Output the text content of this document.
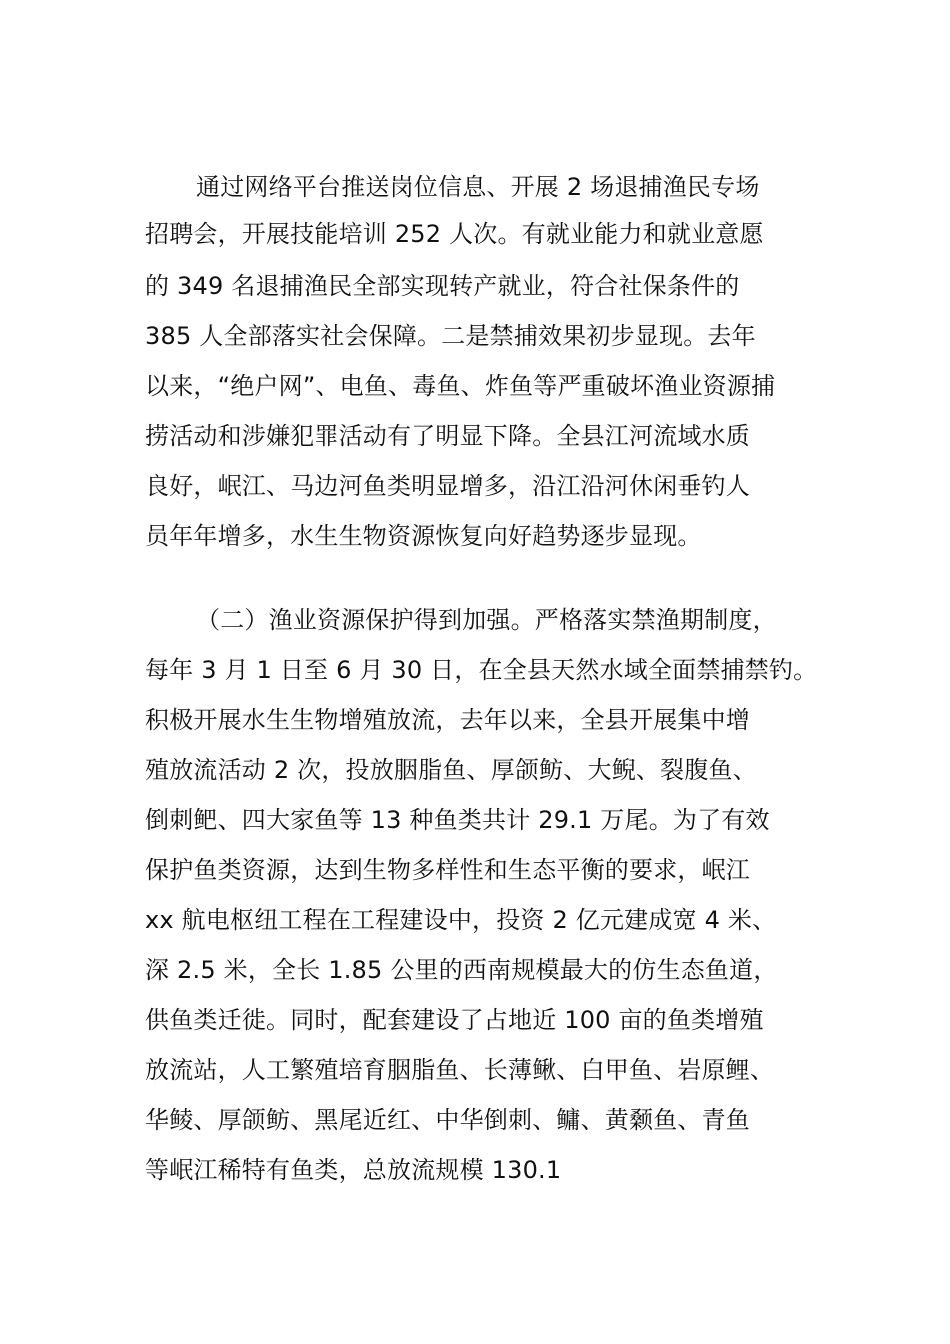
通过网络平台推送岗位信息、开展 2 场退捕渔民专场
招聘会，开展技能培训 252 人次。有就业能力和就业意愿
的 349 名退捕渔民全部实现转产就业，符合社保条件的
385 人全部落实社会保障。二是禁捕效果初步显现。去年
以来，“绝户网”、电鱼、毒鱼、炸鱼等严重破坏渔业资源捕
捞活动和涉嫌犯罪活动有了明显下降。全县江河流域水质
良好，岷江、马边河鱼类明显增多，沿江沿河休闲垂钓人
员年年增多，水生生物资源恢复向好趋势逐步显现。
（二）渔业资源保护得到加强。严格落实禁渔期制度，
每年 3 月 1 日至 6 月 30 日，在全县天然水域全面禁捕禁钓。
积极开展水生生物增殖放流，去年以来，全县开展集中增
殖放流活动 2 次，投放胭脂鱼、厚颌鲂、大鲵、裂腹鱼、
倒刺鲃、四大家鱼等 13 种鱼类共计 29.1 万尾。为了有效
保护鱼类资源，达到生物多样性和生态平衡的要求，岷江
xx 航电枢纽工程在工程建设中，投资 2 亿元建成宽 4 米、
深 2.5 米，全长 1.85 公里的西南规模最大的仿生态鱼道，
供鱼类迁徙。同时，配套建设了占地近 100 亩的鱼类增殖
放流站，人工繁殖培育胭脂鱼、长薄鳅、白甲鱼、岩原鲤、
华鲮、厚颌鲂、黑尾近红、中华倒刺、鳙、黄颡鱼、青鱼
等岷江稀特有鱼类，总放流规模 130.1
